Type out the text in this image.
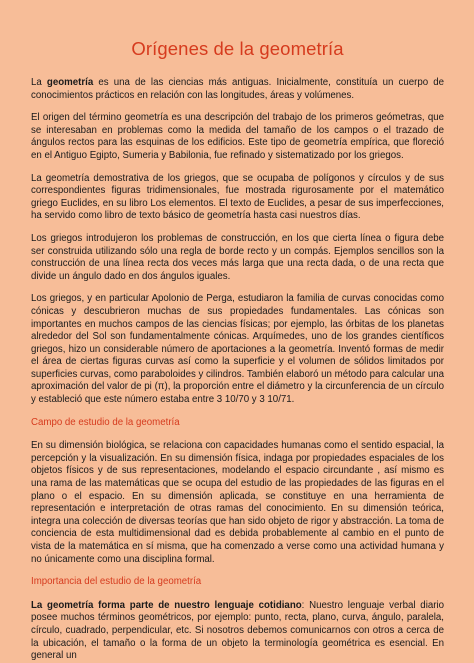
Orígenes de la geometría

La geometría es una de las ciencias más antiguas. Inicialmente, constituía un cuerpo de conocimientos prácticos en relación con las longitudes, áreas y volúmenes.

El origen del término geometría es una descripción del trabajo de los primeros geómetras, que se interesaban en problemas como la medida del tamaño de los campos o el trazado de ángulos rectos para las esquinas de los edificios. Este tipo de geometría empírica, que floreció en el Antiguo Egipto, Sumeria y Babilonia, fue refinado y sistematizado por los griegos.

La geometría demostrativa de los griegos, que se ocupaba de polígonos y círculos y de sus correspondientes figuras tridimensionales, fue mostrada rigurosamente por el matemático griego Euclides, en su libro Los elementos. El texto de Euclides, a pesar de sus imperfecciones, ha servido como libro de texto básico de geometría hasta casi nuestros días.

Los griegos introdujeron los problemas de construcción, en los que cierta línea o figura debe ser construida utilizando sólo una regla de borde recto y un compás. Ejemplos sencillos son la construcción de una línea recta dos veces más larga que una recta dada, o de una recta que divide un ángulo dado en dos ángulos iguales.

Los griegos, y en particular Apolonio de Perga, estudiaron la familia de curvas conocidas como cónicas y descubrieron muchas de sus propiedades fundamentales. Las cónicas son importantes en muchos campos de las ciencias físicas; por ejemplo, las órbitas de los planetas alrededor del Sol son fundamentalmente cónicas. Arquímedes, uno de los grandes científicos griegos, hizo un considerable número de aportaciones a la geometría. Inventó formas de medir el área de ciertas figuras curvas así como la superficie y el volumen de sólidos limitados por superficies curvas, como paraboloides y cilindros. También elaboró un método para calcular una aproximación del valor de pi (π), la proporción entre el diámetro y la circunferencia de un círculo y estableció que este número estaba entre 3 10/70 y 3 10/71.

Campo de estudio de la geometría

En su dimensión biológica, se relaciona con capacidades humanas como el sentido espacial, la percepción y la visualización. En su dimensión física, indaga por propiedades espaciales de los objetos físicos y de sus representaciones, modelando el espacio circundante , así mismo es una rama de las matemáticas que se ocupa del estudio de las propiedades de las figuras en el plano o el espacio. En su dimensión aplicada, se constituye en una herramienta de representación e interpretación de otras ramas del conocimiento. En su dimensión teórica, integra una colección de diversas teorías que han sido objeto de rigor y abstracción. La toma de conciencia de esta multidimensional dad es debida probablemente al cambio en el punto de vista de la matemática en sí misma, que ha comenzado a verse como una actividad humana y no únicamente como una disciplina formal.

Importancia del estudio de la geometría

La geometría forma parte de nuestro lenguaje cotidiano: Nuestro lenguaje verbal diario posee muchos términos geométricos, por ejemplo: punto, recta, plano, curva, ángulo, paralela, círculo, cuadrado, perpendicular, etc. Si nosotros debemos comunicarnos con otros a cerca de la ubicación, el tamaño o la forma de un objeto la terminología geométrica es esencial. En general un
